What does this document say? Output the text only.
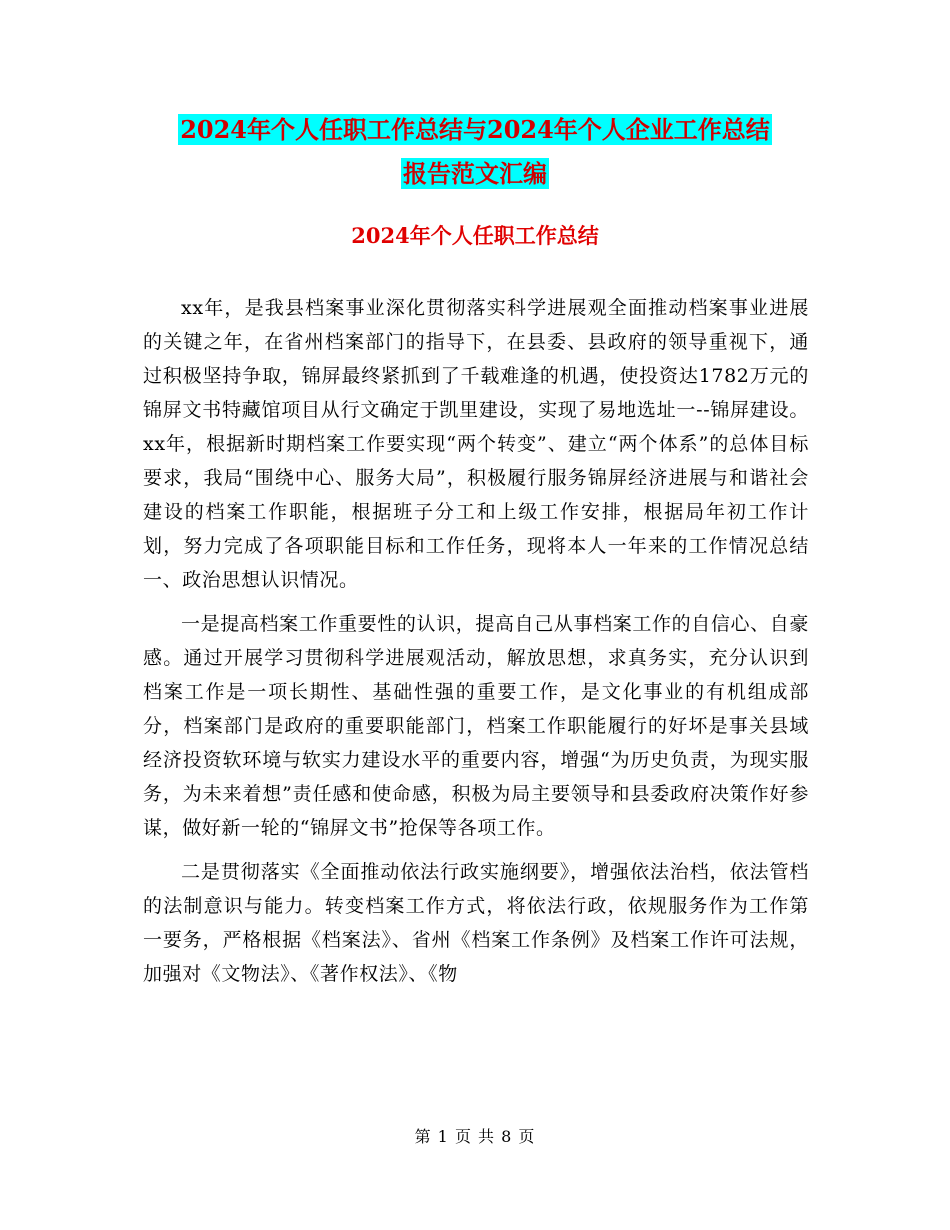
2024年个人任职工作总结与2024年个人企业工作总结
报告范文汇编
2024年个人任职工作总结

xx年，是我县档案事业深化贯彻落实科学进展观全面推动档案事业进展的关键之年，在省州档案部门的指导下，在县委、县政府的领导重视下，通过积极坚持争取，锦屏最终紧抓到了千载难逢的机遇，使投资达1782万元的锦屏文书特藏馆项目从行文确定于凯里建设，实现了易地选址一--锦屏建设。xx年，根据新时期档案工作要实现“两个转变”、建立“两个体系”的总体目标要求，我局“围绕中心、服务大局”，积极履行服务锦屏经济进展与和谐社会建设的档案工作职能，根据班子分工和上级工作安排，根据局年初工作计划，努力完成了各项职能目标和工作任务，现将本人一年来的工作情况总结一、政治思想认识情况。

一是提高档案工作重要性的认识，提高自己从事档案工作的自信心、自豪感。通过开展学习贯彻科学进展观活动，解放思想，求真务实，充分认识到档案工作是一项长期性、基础性强的重要工作，是文化事业的有机组成部分，档案部门是政府的重要职能部门，档案工作职能履行的好坏是事关县域经济投资软环境与软实力建设水平的重要内容，增强“为历史负责，为现实服务，为未来着想”责任感和使命感，积极为局主要领导和县委政府决策作好参谋，做好新一轮的“锦屏文书”抢保等各项工作。

二是贯彻落实《全面推动依法行政实施纲要》，增强依法治档，依法管档的法制意识与能力。转变档案工作方式，将依法行政，依规服务作为工作第一要务，严格根据《档案法》、省州《档案工作条例》及档案工作许可法规，加强对《文物法》、《著作权法》、《物

第 1 页 共 8 页
